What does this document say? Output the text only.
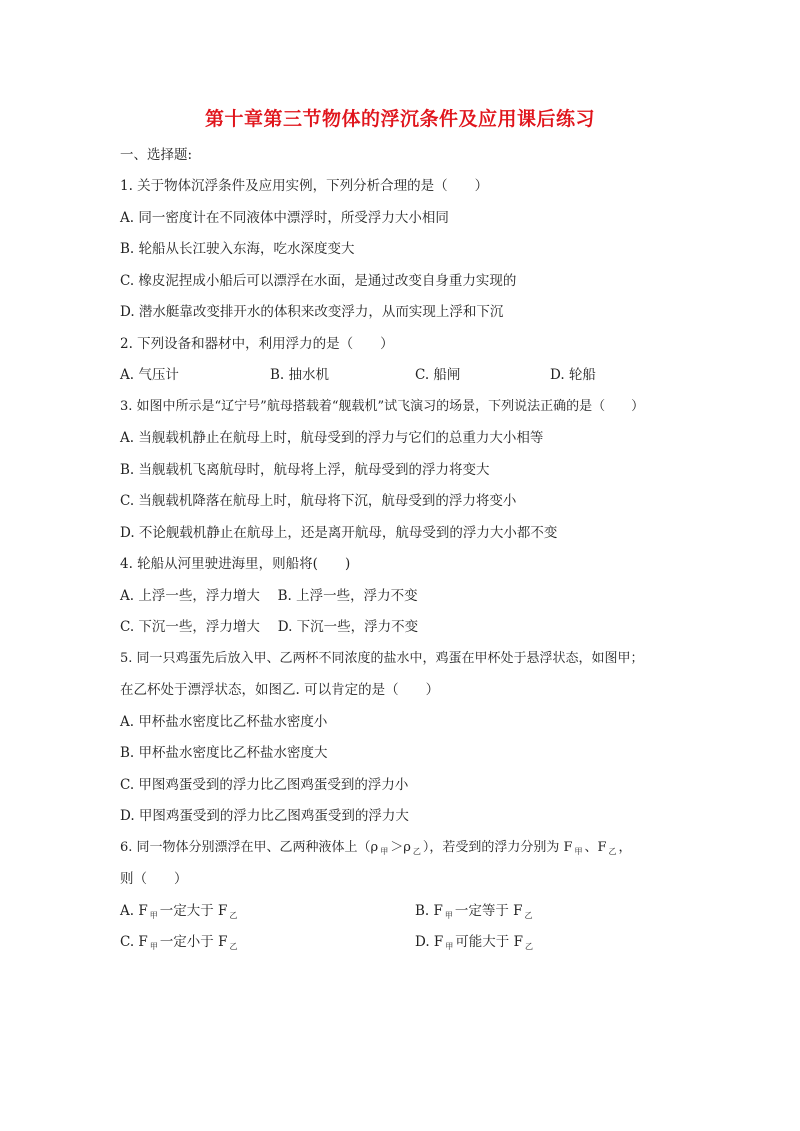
第十章第三节物体的浮沉条件及应用课后练习
一、选择题:
1. 关于物体沉浮条件及应用实例，下列分析合理的是（　　）
A. 同一密度计在不同液体中漂浮时，所受浮力大小相同
B. 轮船从长江驶入东海，吃水深度变大
C. 橡皮泥捏成小船后可以漂浮在水面，是通过改变自身重力实现的
D. 潜水艇靠改变排开水的体积来改变浮力，从而实现上浮和下沉
2. 下列设备和器材中，利用浮力的是（　　）
A. 气压计	B. 抽水机	C. 船闸	D. 轮船
3. 如图中所示是“辽宁号”航母搭载着“舰载机”试飞演习的场景，下列说法正确的是（　　）
A. 当舰载机静止在航母上时，航母受到的浮力与它们的总重力大小相等
B. 当舰载机飞离航母时，航母将上浮，航母受到的浮力将变大
C. 当舰载机降落在航母上时，航母将下沉，航母受到的浮力将变小
D. 不论舰载机静止在航母上，还是离开航母，航母受到的浮力大小都不变
4. 轮船从河里驶进海里，则船将(　　)
A. 上浮一些，浮力增大　 B. 上浮一些，浮力不变
C. 下沉一些，浮力增大　 D. 下沉一些，浮力不变
5. 同一只鸡蛋先后放入甲、乙两杯不同浓度的盐水中，鸡蛋在甲杯处于悬浮状态，如图甲；
在乙杯处于漂浮状态，如图乙. 可以肯定的是（　　）
A. 甲杯盐水密度比乙杯盐水密度小
B. 甲杯盐水密度比乙杯盐水密度大
C. 甲图鸡蛋受到的浮力比乙图鸡蛋受到的浮力小
D. 甲图鸡蛋受到的浮力比乙图鸡蛋受到的浮力大
6. 同一物体分别漂浮在甲、乙两种液体上（ρ $_甲$ ＞ρ $_乙$ ），若受到的浮力分别为 F $_甲$ 、F $_乙$ ，
则（　　）
A. F $_甲$ 一定大于 F $_乙$	B. F $_甲$ 一定等于 F $_乙$
C. F $_甲$ 一定小于 F $_乙$	D. F $_甲$ 可能大于 F $_乙$
